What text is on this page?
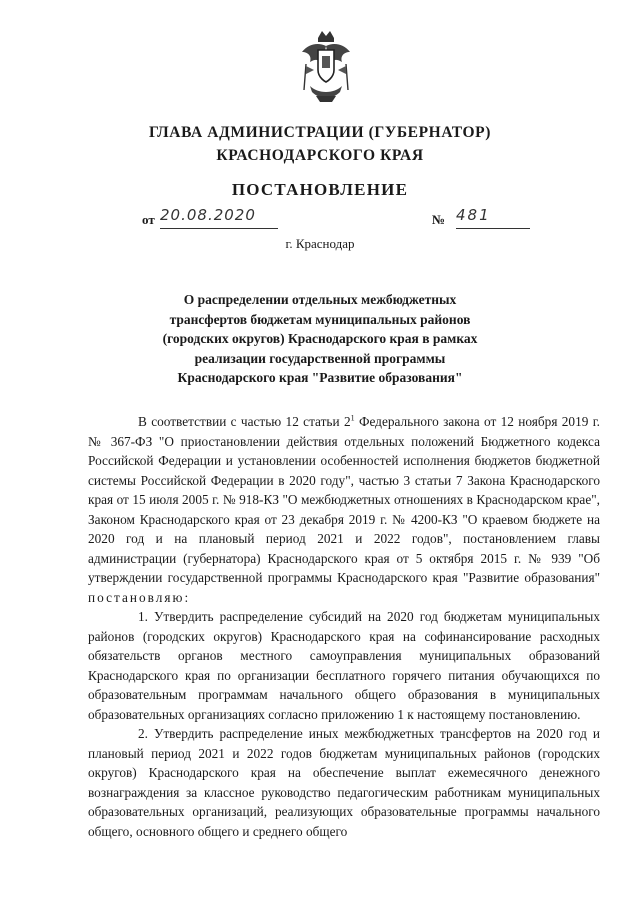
ГЛАВА АДМИНИСТРАЦИИ (ГУБЕРНАТОР)
КРАСНОДАРСКОГО КРАЯ
ПОСТАНОВЛЕНИЕ
от 20.08.2020	№ 481
г. Краснодар
О распределении отдельных межбюджетных
трансфертов бюджетам муниципальных районов
(городских округов) Краснодарского края в рамках
реализации государственной программы
Краснодарского края "Развитие образования"

В соответствии с частью 12 статьи $2^1$ Федерального закона от 12 ноября 2019 г. № 367-ФЗ "О приостановлении действия отдельных положений Бюджетного кодекса Российской Федерации и установлении особенностей исполнения бюджетов бюджетной системы Российской Федерации в 2020 году", частью 3 статьи 7 Закона Краснодарского края от 15 июля 2005 г. № 918-КЗ "О межбюджетных отношениях в Краснодарском крае", Законом Краснодарского края от 23 декабря 2019 г. № 4200-КЗ "О краевом бюджете на 2020 год и на плановый период 2021 и 2022 годов", постановлением главы администрации (губернатора) Краснодарского края от 5 октября 2015 г. № 939 "Об утверждении государственной программы Краснодарского края "Развитие образования" постановляю:

1. Утвердить распределение субсидий на 2020 год бюджетам муниципальных районов (городских округов) Краснодарского края на софинансирование расходных обязательств органов местного самоуправления муниципальных образований Краснодарского края по организации бесплатного горячего питания обучающихся по образовательным программам начального общего образования в муниципальных образовательных организациях согласно приложению 1 к настоящему постановлению.

2. Утвердить распределение иных межбюджетных трансфертов на 2020 год и плановый период 2021 и 2022 годов бюджетам муниципальных районов (городских округов) Краснодарского края на обеспечение выплат ежемесячного денежного вознаграждения за классное руководство педагогическим работникам муниципальных образовательных организаций, реализующих образовательные программы начального общего, основного общего и среднего общего
